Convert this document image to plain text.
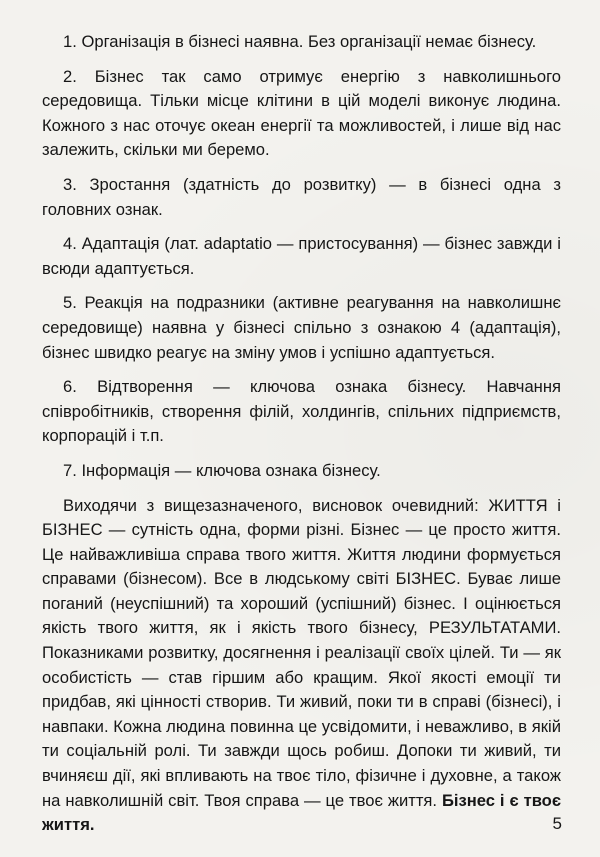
1. Організація в бізнесі наявна. Без організації немає бізнесу.

2. Бізнес так само отримує енергію з навколишнього середовища. Тільки місце клітини в цій моделі виконує людина. Кожного з нас оточує океан енергії та можливостей, і лише від нас залежить, скільки ми беремо.

3. Зростання (здатність до розвитку) — в бізнесі одна з головних ознак.

4. Адаптація (лат. adaptatio — пристосування) — бізнес завжди і всюди адаптується.

5. Реакція на подразники (активне реагування на навколишнє середовище) наявна у бізнесі спільно з ознакою 4 (адаптація), бізнес швидко реагує на зміну умов і успішно адаптується.

6. Відтворення — ключова ознака бізнесу. Навчання співробітників, створення філій, холдингів, спільних підприємств, корпорацій і т.п.

7. Інформація — ключова ознака бізнесу.

Виходячи з вищезазначеного, висновок очевидний: ЖИТТЯ і БІЗНЕС — сутність одна, форми різні. Бізнес — це просто життя. Це найважливіша справа твого життя. Життя людини формується справами (бізнесом). Все в людському світі БІЗНЕС. Буває лише поганий (неуспішний) та хороший (успішний) бізнес. І оцінюється якість твого життя, як і якість твого бізнесу, РЕЗУЛЬТАТАМИ. Показниками розвитку, досягнення і реалізації своїх цілей. Ти — як особистість — став гіршим або кращим. Якої якості емоції ти придбав, які цінності створив. Ти живий, поки ти в справі (бізнесі), і навпаки. Кожна людина повинна це усвідомити, і неважливо, в якій ти соціальній ролі. Ти завжди щось робиш. Допоки ти живий, ти вчиняєш дії, які впливають на твоє тіло, фізичне і духовне, а також на навколишній світ. Твоя справа — це твоє життя. Бізнес і є твоє життя.	5
